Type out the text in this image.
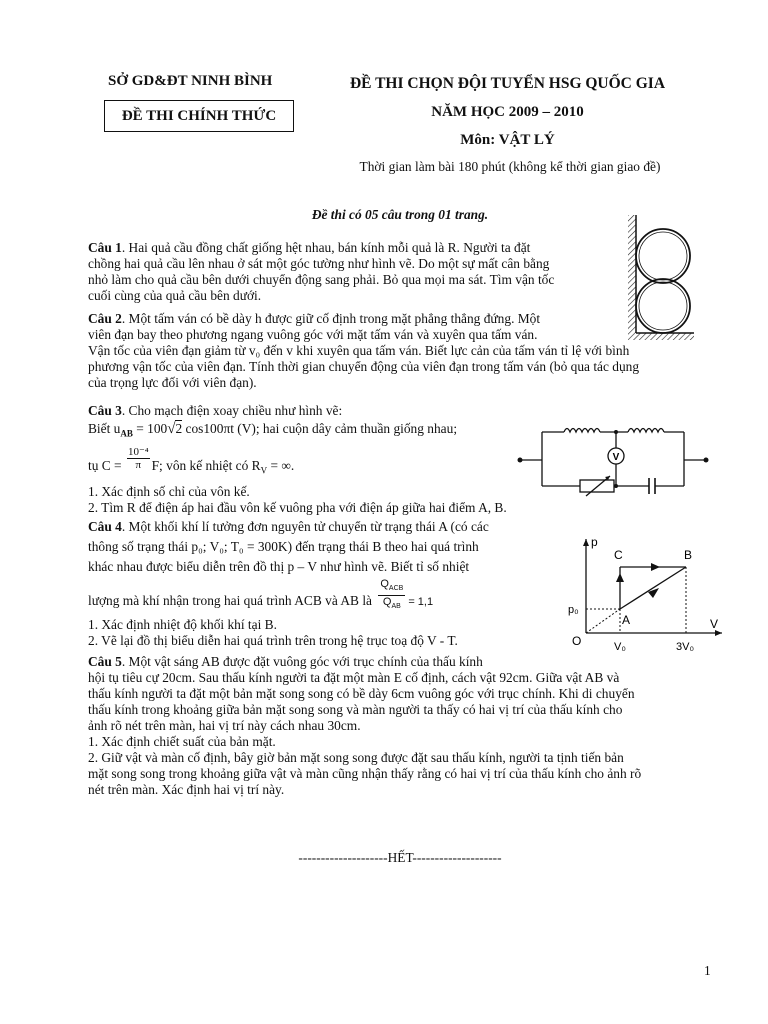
SỞ GD&ĐT NINH BÌNH
ĐỀ THI CHÍNH THỨC
ĐỀ THI CHỌN ĐỘI TUYỂN HSG QUỐC GIA
NĂM HỌC 2009 – 2010
Môn: VẬT LÝ
Thời gian làm bài 180 phút (không kể thời gian giao đề)
Đề thi có 05 câu trong 01 trang.
Câu 1. Hai quả cầu đồng chất giống hệt nhau, bán kính mỗi quả là R. Người ta đặt
chồng hai quả cầu lên nhau ở sát một góc tường như hình vẽ. Do một sự mất cân bằng
nhỏ làm cho quả cầu bên dưới chuyển động sang phải. Bỏ qua mọi ma sát. Tìm vận tốc
cuối cùng của quả cầu bên dưới.
Câu 2. Một tấm ván có bề dày h được giữ cố định trong mặt phẳng thẳng đứng. Một
viên đạn bay theo phương ngang vuông góc với mặt tấm ván và xuyên qua tấm ván.
Vận tốc của viên đạn giảm từ v₀ đến v khi xuyên qua tấm ván. Biết lực cản của tấm ván tỉ lệ với bình
phương vận tốc của viên đạn. Tính thời gian chuyển động của viên đạn trong tấm ván (bỏ qua tác dụng
của trọng lực đối với viên đạn).
Câu 3. Cho mạch điện xoay chiều như hình vẽ:
Biết $u_{AB} = 100√2$ cos100πt (V); hai cuộn dây cảm thuần giống nhau;
tụ $C = \frac{\text{10⁻⁴}}{\pi} F$; vôn kế nhiệt có $R_V$ = ∞.
1. Xác định số chỉ của vôn kế.
2. Tìm R để điện áp hai đầu vôn kế vuông pha với điện áp giữa hai điểm A, B.
V
Câu 4. Một khối khí lí tưởng đơn nguyên tử chuyển từ trạng thái A (có các
thông số trạng thái p₀; V₀; T₀ = 300K) đến trạng thái B theo hai quá trình
khác nhau được biểu diễn trên đồ thị p – V như hình vẽ. Biết tỉ số nhiệt
lượng mà khí nhận trong hai quá trình ACB và AB là
$Q_{ACB}$
$Q_{AB}$ $_{= 1,1}$
1. Xác định nhiệt độ khối khí tại B.
2. Vẽ lại đồ thị biểu diễn hai quá trình trên trong hệ trục toạ độ V - T.
p
V
O
C	B
A
p₀
V₀	3V₀
Câu 5. Một vật sáng AB được đặt vuông góc với trục chính của thấu kính
hội tụ tiêu cự 20cm. Sau thấu kính người ta đặt một màn E cố định, cách vật 92cm. Giữa vật AB và
thấu kính người ta đặt một bản mặt song song có bề dày 6cm vuông góc với trục chính. Khi di chuyển
thấu kính trong khoảng giữa bản mặt song song và màn người ta thấy có hai vị trí của thấu kính cho
ảnh rõ nét trên màn, hai vị trí này cách nhau 30cm.
1. Xác định chiết suất của bản mặt.
2. Giữ vật và màn cố định, bây giờ bản mặt song song được đặt sau thấu kính, người ta tịnh tiến bản
mặt song song trong khoảng giữa vật và màn cũng nhận thấy rằng có hai vị trí của thấu kính cho ảnh rõ
nét trên màn. Xác định hai vị trí này.
--------------------HẾT--------------------
1
